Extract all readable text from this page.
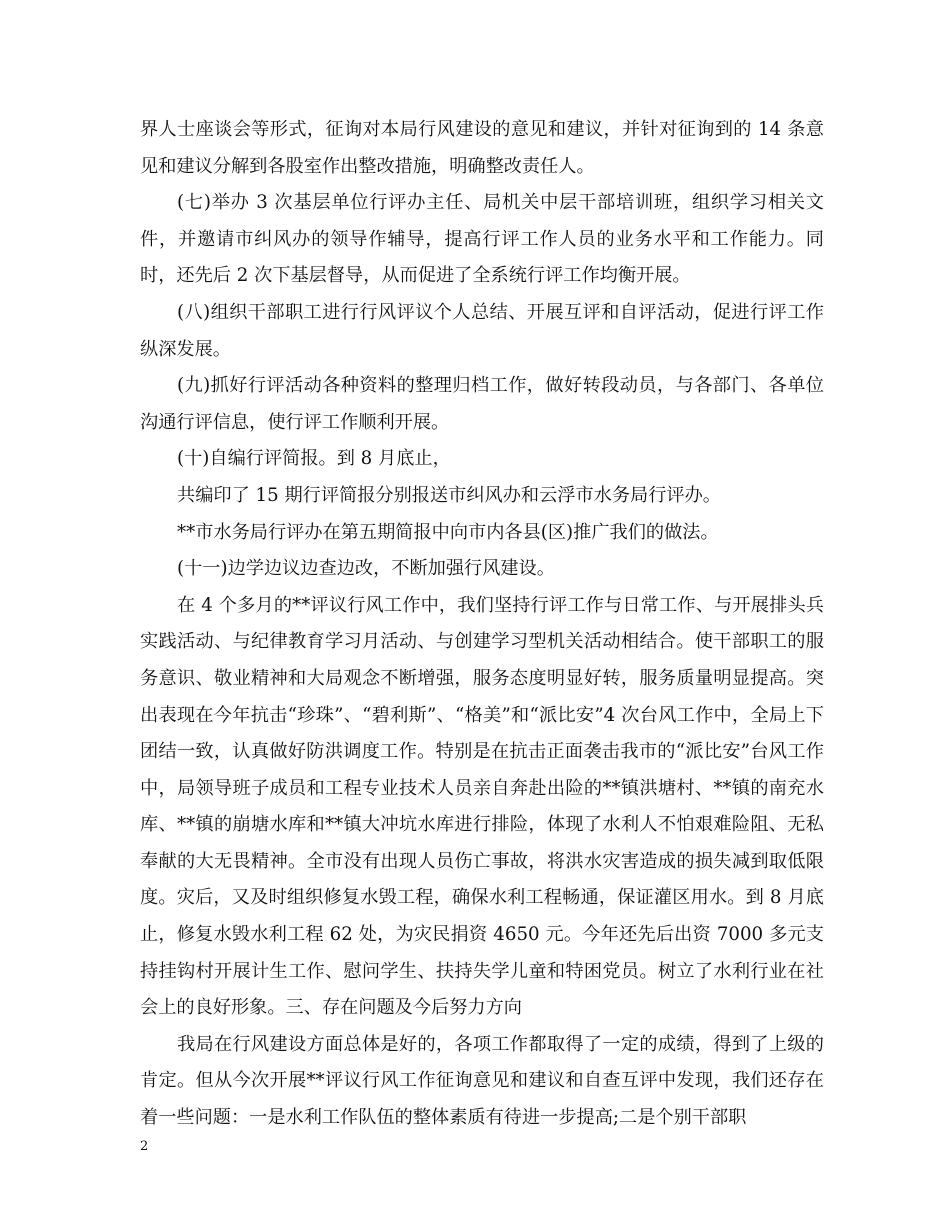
界人士座谈会等形式，征询对本局行风建设的意见和建议，并针对征询到的 14 条意见和建议分解到各股室作出整改措施，明确整改责任人。

(七)举办 3 次基层单位行评办主任、局机关中层干部培训班，组织学习相关文件，并邀请市纠风办的领导作辅导，提高行评工作人员的业务水平和工作能力。同时，还先后 2 次下基层督导，从而促进了全系统行评工作均衡开展。

(八)组织干部职工进行行风评议个人总结、开展互评和自评活动，促进行评工作纵深发展。

(九)抓好行评活动各种资料的整理归档工作，做好转段动员，与各部门、各单位沟通行评信息，使行评工作顺利开展。

(十)自编行评简报。到 8 月底止，

共编印了 15 期行评简报分别报送市纠风办和云浮市水务局行评办。

**市水务局行评办在第五期简报中向市内各县(区)推广我们的做法。

(十一)边学边议边查边改，不断加强行风建设。

在 4 个多月的**评议行风工作中，我们坚持行评工作与日常工作、与开展排头兵实践活动、与纪律教育学习月活动、与创建学习型机关活动相结合。使干部职工的服务意识、敬业精神和大局观念不断增强，服务态度明显好转，服务质量明显提高。突出表现在今年抗击“珍珠”、“碧利斯”、“格美”和“派比安”4 次台风工作中，全局上下团结一致，认真做好防洪调度工作。特别是在抗击正面袭击我市的“派比安”台风工作中，局领导班子成员和工程专业技术人员亲自奔赴出险的**镇洪塘村、**镇的南充水库、**镇的崩塘水库和**镇大冲坑水库进行排险，体现了水利人不怕艰难险阻、无私奉献的大无畏精神。全市没有出现人员伤亡事故，将洪水灾害造成的损失减到取低限度。灾后，又及时组织修复水毁工程，确保水利工程畅通，保证灌区用水。到 8 月底止，修复水毁水利工程 62 处，为灾民捐资 4650 元。今年还先后出资 7000 多元支持挂钩村开展计生工作、慰问学生、扶持失学儿童和特困党员。树立了水利行业在社会上的良好形象。三、存在问题及今后努力方向

我局在行风建设方面总体是好的，各项工作都取得了一定的成绩，得到了上级的肯定。但从今次开展**评议行风工作征询意见和建议和自查互评中发现，我们还存在着一些问题：一是水利工作队伍的整体素质有待进一步提高;二是个别干部职

2
